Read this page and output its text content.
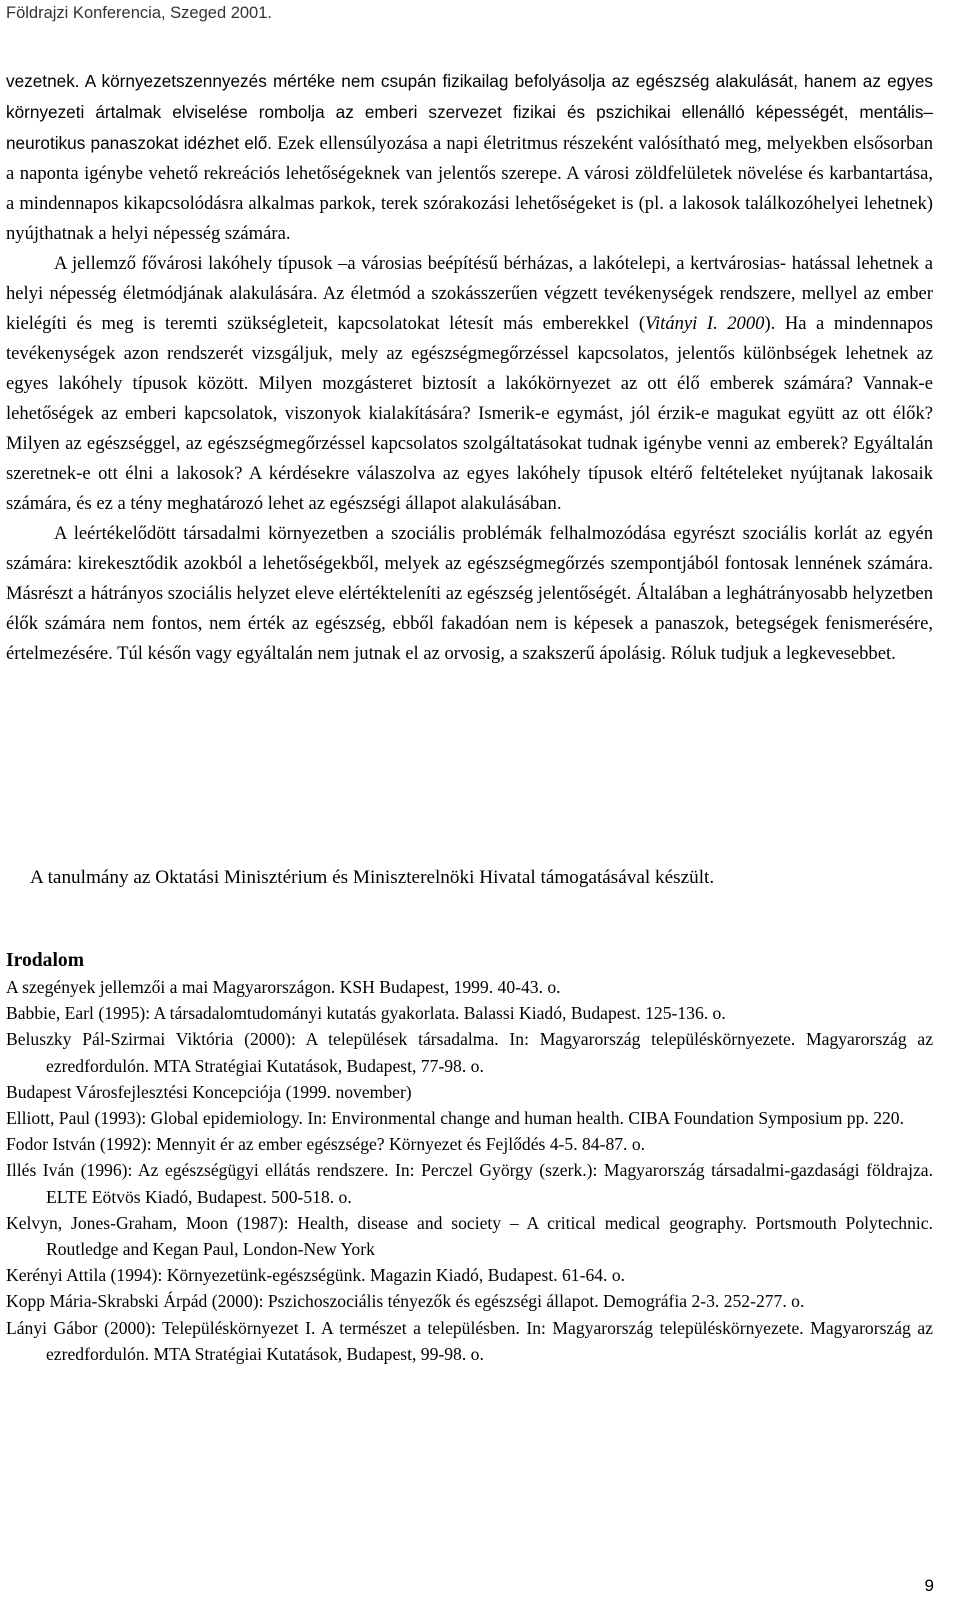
Földrajzi Konferencia, Szeged 2001.

vezetnek. A környezetszennyezés mértéke nem csupán fizikailag befolyásolja az egészség alakulását, hanem az egyes környezeti ártalmak elviselése rombolja az emberi szervezet fizikai és pszichikai ellenálló képességét, mentális–neurotikus panaszokat idézhet elő. Ezek ellensúlyozása a napi életritmus részeként valósítható meg, melyekben elsősorban a naponta igénybe vehető rekreációs lehetőségeknek van jelentős szerepe. A városi zöldfelületek növelése és karbantartása, a mindennapos kikapcsolódásra alkalmas parkok, terek szórakozási lehetőségeket is (pl. a lakosok találkozóhelyei lehetnek) nyújthatnak a helyi népesség számára.

A jellemző fővárosi lakóhely típusok –a városias beépítésű bérházas, a lakótelepi, a kertvárosias- hatással lehetnek a helyi népesség életmódjának alakulására. Az életmód a szokásszerűen végzett tevékenységek rendszere, mellyel az ember kielégíti és meg is teremti szükségleteit, kapcsolatokat létesít más emberekkel (Vitányi I. 2000). Ha a mindennapos tevékenységek azon rendszerét vizsgáljuk, mely az egészségmegőrzéssel kapcsolatos, jelentős különbségek lehetnek az egyes lakóhely típusok között. Milyen mozgásteret biztosít a lakókörnyezet az ott élő emberek számára? Vannak-e lehetőségek az emberi kapcsolatok, viszonyok kialakítására? Ismerik-e egymást, jól érzik-e magukat együtt az ott élők? Milyen az egészséggel, az egészségmegőrzéssel kapcsolatos szolgáltatásokat tudnak igénybe venni az emberek? Egyáltalán szeretnek-e ott élni a lakosok? A kérdésekre válaszolva az egyes lakóhely típusok eltérő feltételeket nyújtanak lakosaik számára, és ez a tény meghatározó lehet az egészségi állapot alakulásában.

A leértékelődött társadalmi környezetben a szociális problémák felhalmozódása egyrészt szociális korlát az egyén számára: kirekesztődik azokból a lehetőségekből, melyek az egészségmegőrzés szempontjából fontosak lennének számára. Másrészt a hátrányos szociális helyzet eleve elértékteleníti az egészség jelentőségét. Általában a leghátrányosabb helyzetben élők számára nem fontos, nem érték az egészség, ebből fakadóan nem is képesek a panaszok, betegségek fenismerésére, értelmezésére. Túl későn vagy egyáltalán nem jutnak el az orvosig, a szakszerű ápolásig. Róluk tudjuk a legkevesebbet.

A tanulmány az Oktatási Minisztérium és Miniszterelnöki Hivatal támogatásával készült.
Irodalom

A szegények jellemzői a mai Magyarországon. KSH Budapest, 1999. 40-43. o.

Babbie, Earl (1995): A társadalomtudományi kutatás gyakorlata. Balassi Kiadó, Budapest. 125-136. o.

Beluszky Pál-Szirmai Viktória (2000): A települések társadalma. In: Magyarország településkörnyezete. Magyarország az ezredfordulón. MTA Stratégiai Kutatások, Budapest, 77-98. o.

Budapest Városfejlesztési Koncepciója (1999. november)

Elliott, Paul (1993): Global epidemiology. In: Environmental change and human health. CIBA Foundation Symposium pp. 220.

Fodor István (1992): Mennyit ér az ember egészsége? Környezet és Fejlődés 4-5. 84-87. o.

Illés Iván (1996): Az egészségügyi ellátás rendszere. In: Perczel György (szerk.): Magyarország társadalmi-gazdasági földrajza. ELTE Eötvös Kiadó, Budapest. 500-518. o.

Kelvyn, Jones-Graham, Moon (1987): Health, disease and society – A critical medical geography. Portsmouth Polytechnic. Routledge and Kegan Paul, London-New York

Kerényi Attila (1994): Környezetünk-egészségünk. Magazin Kiadó, Budapest. 61-64. o.

Kopp Mária-Skrabski Árpád (2000): Pszichoszociális tényezők és egészségi állapot. Demográfia 2-3. 252-277. o.

Lányi Gábor (2000): Településkörnyezet I. A természet a településben. In: Magyarország településkörnyezete. Magyarország az ezredfordulón. MTA Stratégiai Kutatások, Budapest, 99-98. o.

9
